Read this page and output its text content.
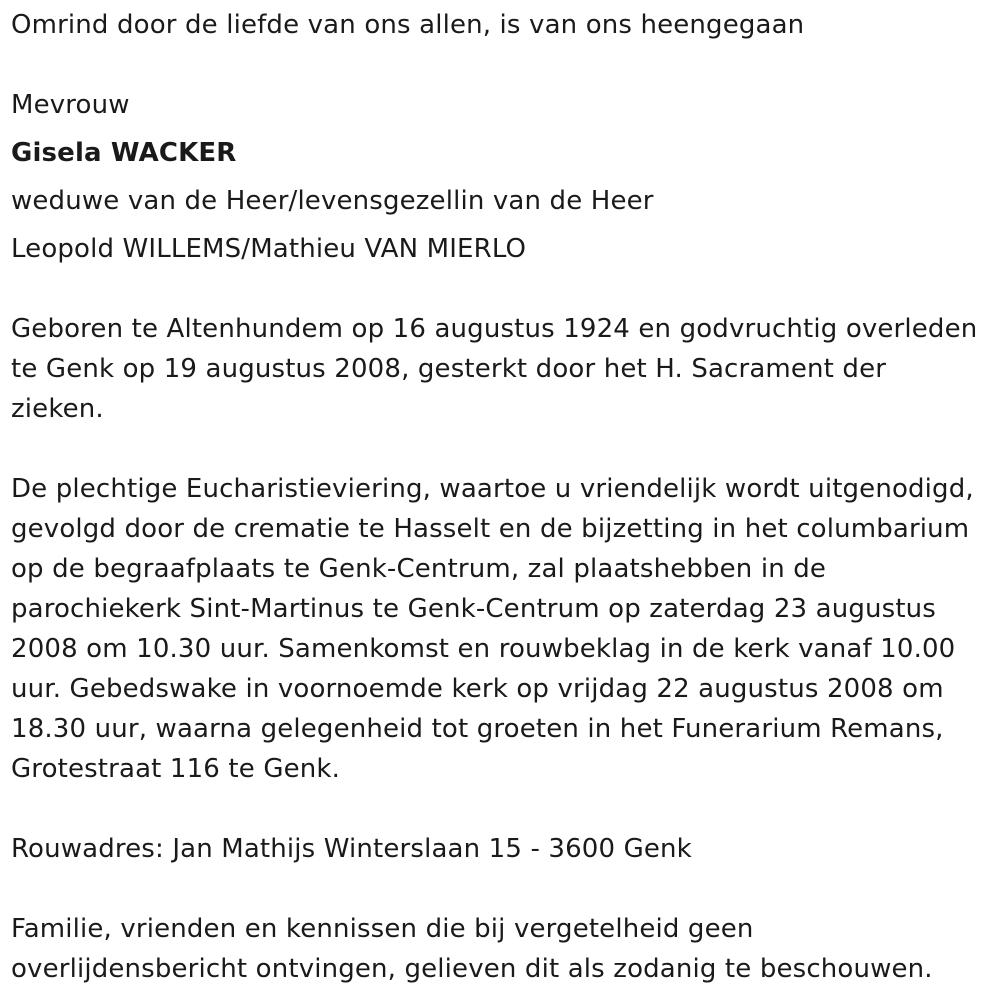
Omrind door de liefde van ons allen, is van ons heengegaan
Mevrouw
Gisela WACKER
weduwe van de Heer/levensgezellin van de Heer
Leopold WILLEMS/Mathieu VAN MIERLO
Geboren te Altenhundem op 16 augustus 1924 en godvruchtig overleden
te Genk op 19 augustus 2008, gesterkt door het H. Sacrament der
zieken.
De plechtige Eucharistieviering, waartoe u vriendelijk wordt uitgenodigd,
gevolgd door de crematie te Hasselt en de bijzetting in het columbarium
op de begraafplaats te Genk-Centrum, zal plaatshebben in de
parochiekerk Sint-Martinus te Genk-Centrum op zaterdag 23 augustus
2008 om 10.30 uur. Samenkomst en rouwbeklag in de kerk vanaf 10.00
uur. Gebedswake in voornoemde kerk op vrijdag 22 augustus 2008 om
18.30 uur, waarna gelegenheid tot groeten in het Funerarium Remans,
Grotestraat 116 te Genk.
Rouwadres: Jan Mathijs Winterslaan 15 - 3600 Genk
Familie, vrienden en kennissen die bij vergetelheid geen
overlijdensbericht ontvingen, gelieven dit als zodanig te beschouwen.
